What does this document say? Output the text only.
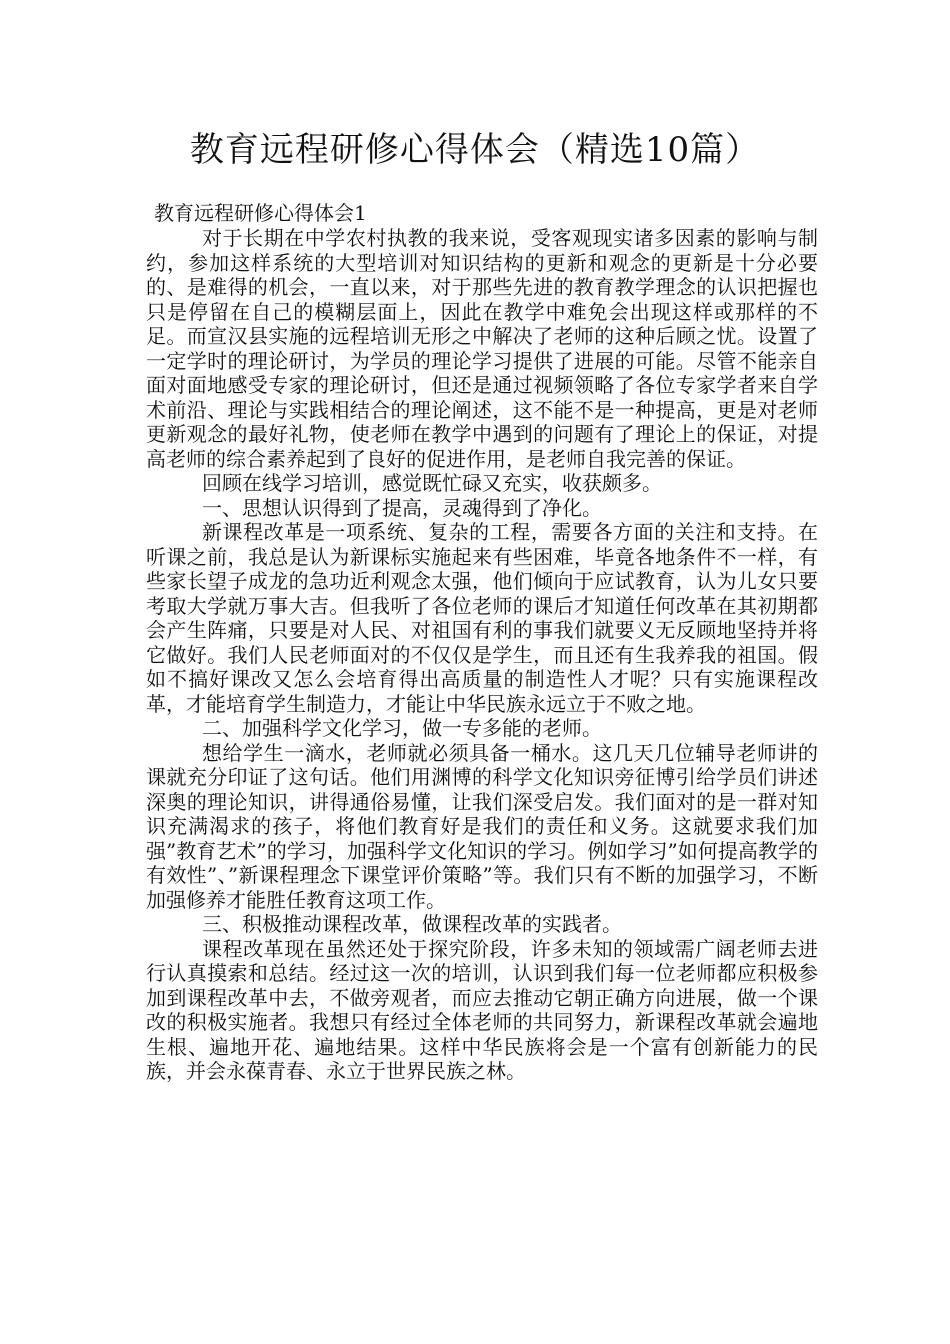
教育远程研修心得体会（精选10篇）
教育远程研修心得体会1

对于长期在中学农村执教的我来说，受客观现实诸多因素的影响与制约，参加这样系统的大型培训对知识结构的更新和观念的更新是十分必要的、是难得的机会，一直以来，对于那些先进的教育教学理念的认识把握也只是停留在自己的模糊层面上，因此在教学中难免会出现这样或那样的不足。而宣汉县实施的远程培训无形之中解决了老师的这种后顾之忧。设置了一定学时的理论研讨，为学员的理论学习提供了进展的可能。尽管不能亲自面对面地感受专家的理论研讨，但还是通过视频领略了各位专家学者来自学术前沿、理论与实践相结合的理论阐述，这不能不是一种提高，更是对老师更新观念的最好礼物，使老师在教学中遇到的问题有了理论上的保证，对提高老师的综合素养起到了良好的促进作用，是老师自我完善的保证。

回顾在线学习培训，感觉既忙碌又充实，收获颇多。

一、思想认识得到了提高，灵魂得到了净化。

新课程改革是一项系统、复杂的工程，需要各方面的关注和支持。在听课之前，我总是认为新课标实施起来有些困难，毕竟各地条件不一样，有些家长望子成龙的急功近利观念太强，他们倾向于应试教育，认为儿女只要考取大学就万事大吉。但我听了各位老师的课后才知道任何改革在其初期都会产生阵痛，只要是对人民、对祖国有利的事我们就要义无反顾地坚持并将它做好。我们人民老师面对的不仅仅是学生，而且还有生我养我的祖国。假如不搞好课改又怎么会培育得出高质量的制造性人才呢？只有实施课程改革，才能培育学生制造力，才能让中华民族永远立于不败之地。

二、加强科学文化学习，做一专多能的老师。

想给学生一滴水，老师就必须具备一桶水。这几天几位辅导老师讲的课就充分印证了这句话。他们用渊博的科学文化知识旁征博引给学员们讲述深奥的理论知识，讲得通俗易懂，让我们深受启发。我们面对的是一群对知识充满渴求的孩子，将他们教育好是我们的责任和义务。这就要求我们加强”教育艺术”的学习，加强科学文化知识的学习。例如学习”如何提高教学的有效性”、”新课程理念下课堂评价策略”等。我们只有不断的加强学习，不断加强修养才能胜任教育这项工作。

三、积极推动课程改革，做课程改革的实践者。

课程改革现在虽然还处于探究阶段，许多未知的领域需广阔老师去进行认真摸索和总结。经过这一次的培训，认识到我们每一位老师都应积极参加到课程改革中去，不做旁观者，而应去推动它朝正确方向进展，做一个课改的积极实施者。我想只有经过全体老师的共同努力，新课程改革就会遍地生根、遍地开花、遍地结果。这样中华民族将会是一个富有创新能力的民族，并会永葆青春、永立于世界民族之林。
